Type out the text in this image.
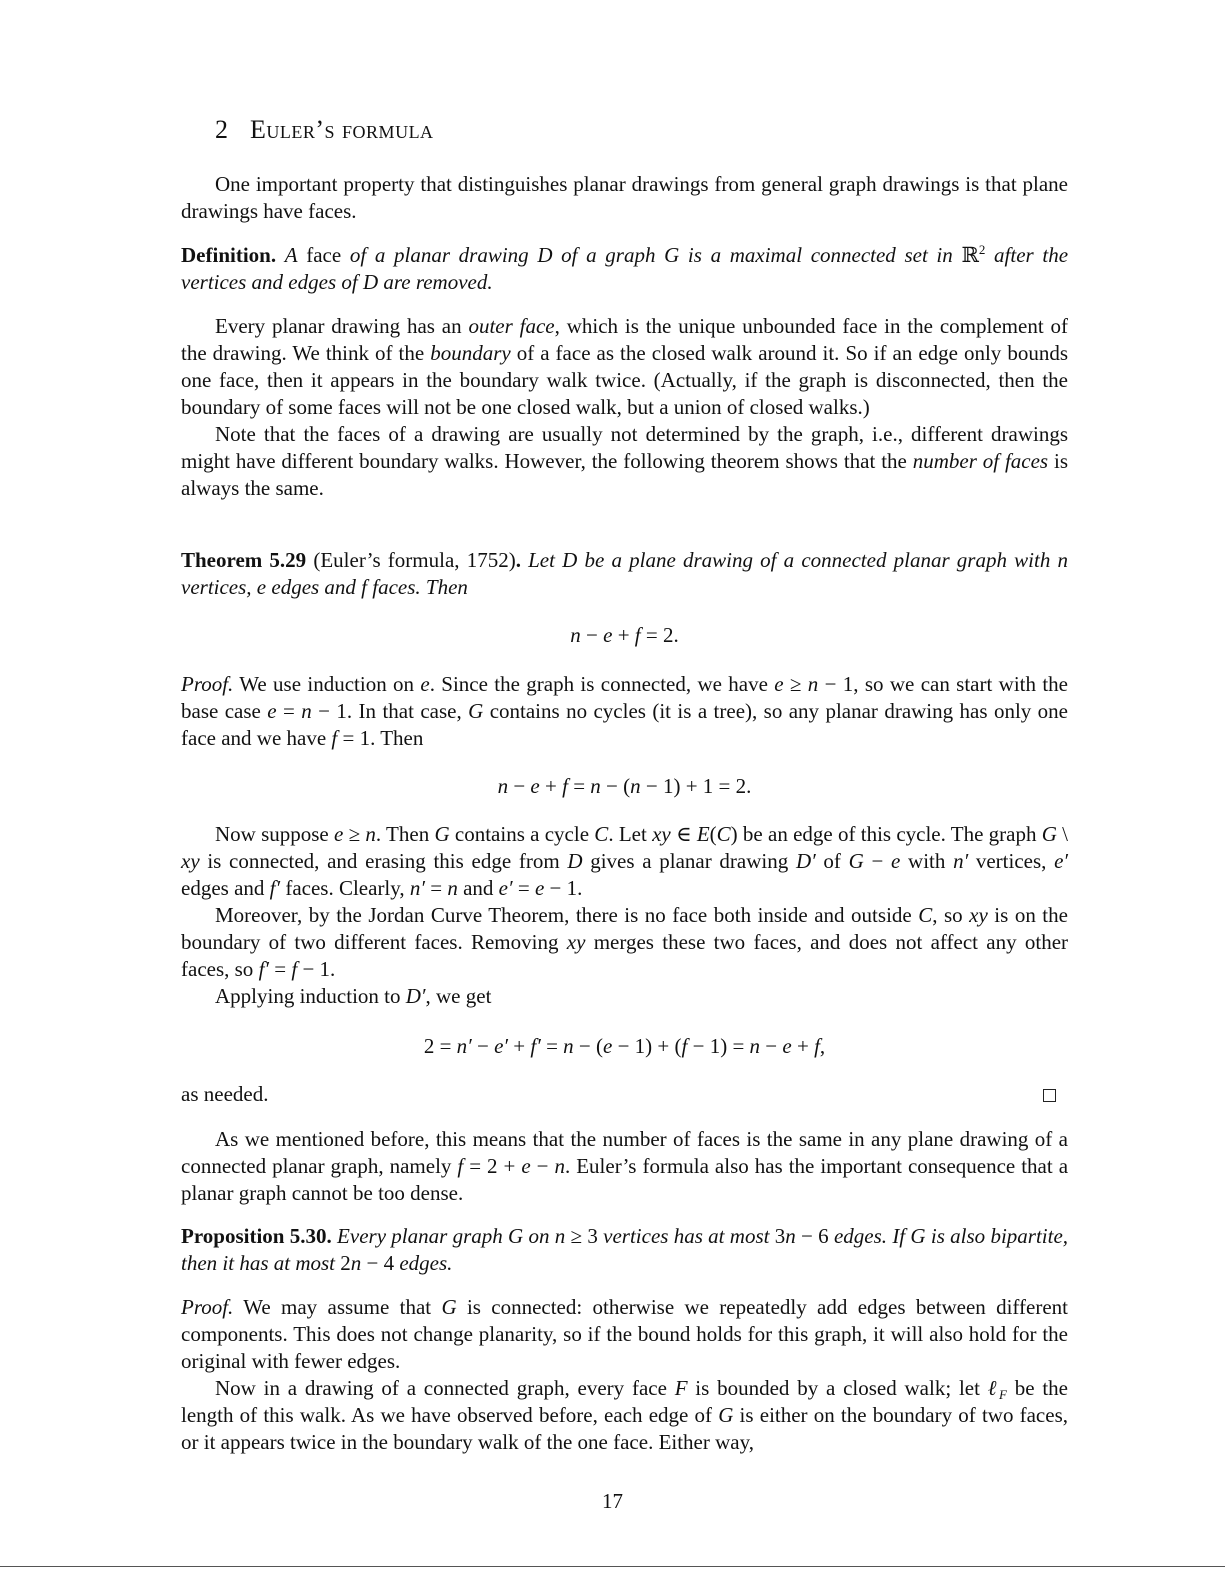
2 Euler’s formula

One important property that distinguishes planar drawings from general graph drawings is that plane drawings have faces.

Definition. A face of a planar drawing D of a graph G is a maximal connected set in ℝ$^2$ after the vertices and edges of D are removed.

Every planar drawing has an outer face, which is the unique unbounded face in the complement of the drawing. We think of the boundary of a face as the closed walk around it. So if an edge only bounds one face, then it appears in the boundary walk twice. (Actually, if the graph is disconnected, then the boundary of some faces will not be one closed walk, but a union of closed walks.)

Note that the faces of a drawing are usually not determined by the graph, i.e., different drawings might have different boundary walks. However, the following theorem shows that the number of faces is always the same.

Theorem 5.29 (Euler’s formula, 1752). Let D be a plane drawing of a connected planar graph with n vertices, e edges and f faces. Then

n − e + f = 2.

Proof. We use induction on e. Since the graph is connected, we have e ≥ n − 1, so we can start with the base case e = n − 1. In that case, G contains no cycles (it is a tree), so any planar drawing has only one face and we have f = 1. Then

n − e + f = n − (n − 1) + 1 = 2.

Now suppose e ≥ n. Then G contains a cycle C. Let xy ∈ E(C) be an edge of this cycle. The graph G \ xy is connected, and erasing this edge from D gives a planar drawing D′ of G − e with n′ vertices, e′ edges and f′ faces. Clearly, n′ = n and e′ = e − 1.

Moreover, by the Jordan Curve Theorem, there is no face both inside and outside C, so xy is on the boundary of two different faces. Removing xy merges these two faces, and does not affect any other faces, so f′ = f − 1.

Applying induction to D′, we get

2 = n′ − e′ + f′ = n − (e − 1) + (f − 1) = n − e + f,

as needed.

As we mentioned before, this means that the number of faces is the same in any plane drawing of a connected planar graph, namely f = 2 + e − n. Euler’s formula also has the important consequence that a planar graph cannot be too dense.

Proposition 5.30. Every planar graph G on n ≥ 3 vertices has at most 3n − 6 edges. If G is also bipartite, then it has at most 2n − 4 edges.

Proof. We may assume that G is connected: otherwise we repeatedly add edges between different components. This does not change planarity, so if the bound holds for this graph, it will also hold for the original with fewer edges.

Now in a drawing of a connected graph, every face F is bounded by a closed walk; let ℓ$_F$ be the length of this walk. As we have observed before, each edge of G is either on the boundary of two faces, or it appears twice in the boundary walk of the one face. Either way,

17
